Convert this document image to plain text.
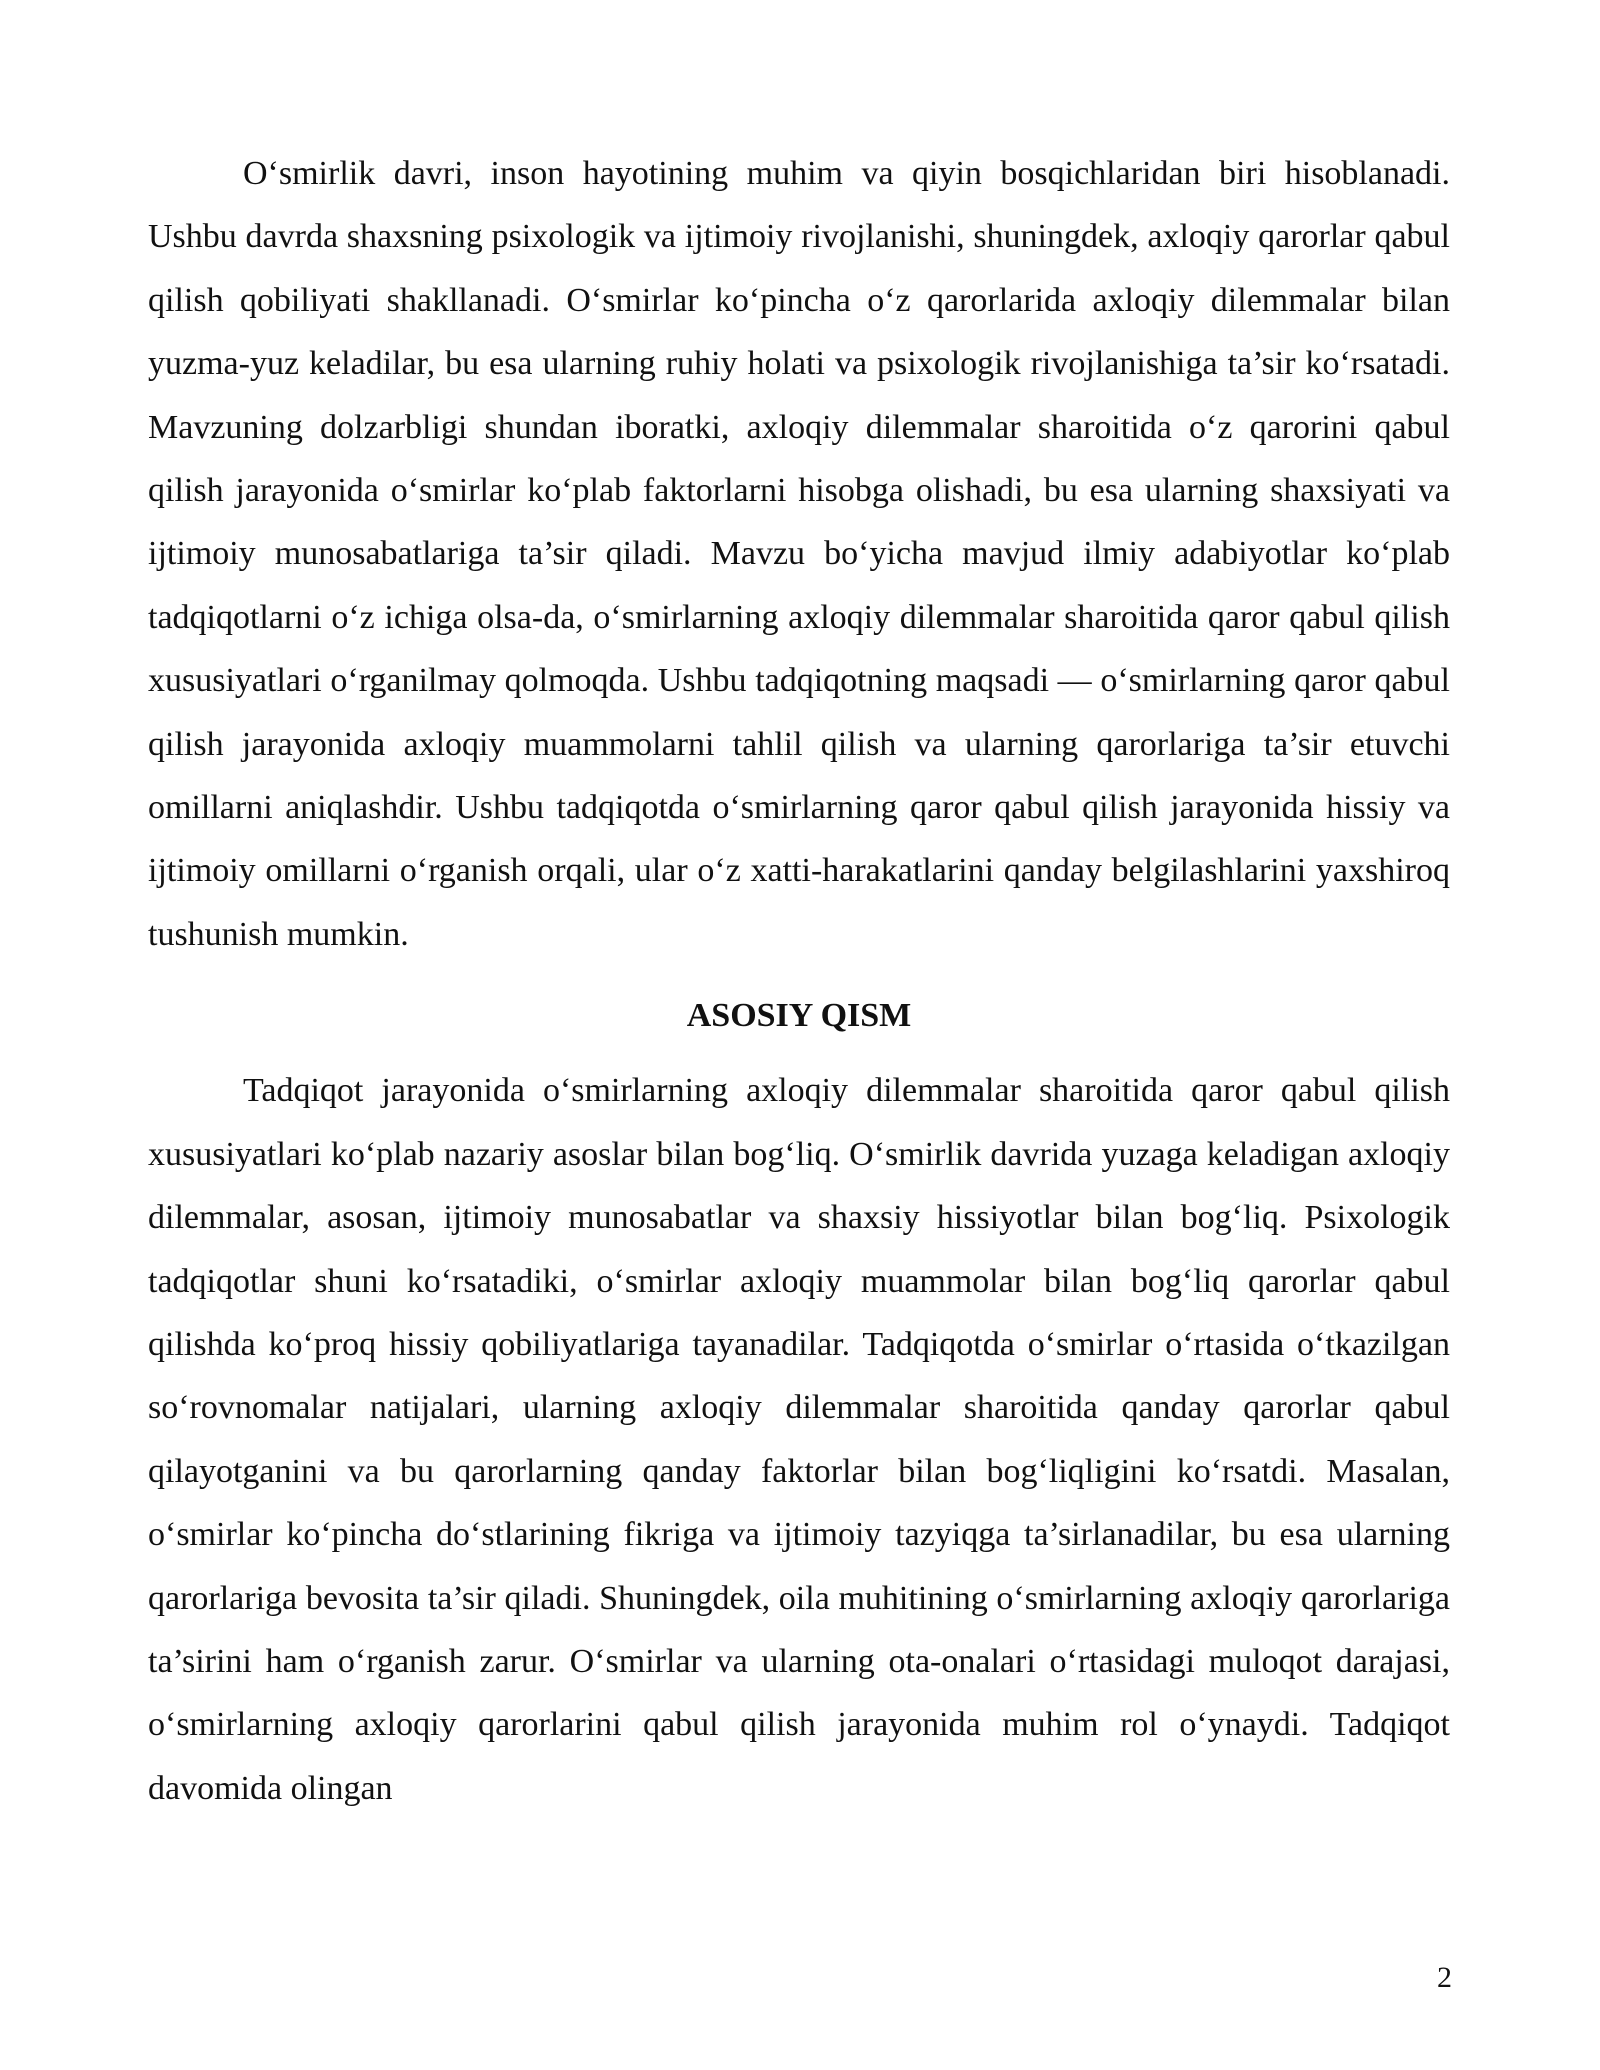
O‘smirlik davri, inson hayotining muhim va qiyin bosqichlaridan biri hisoblanadi. Ushbu davrda shaxsning psixologik va ijtimoiy rivojlanishi, shuningdek, axloqiy qarorlar qabul qilish qobiliyati shakllanadi. O‘smirlar ko‘pincha o‘z qarorlarida axloqiy dilemmalar bilan yuzma-yuz keladilar, bu esa ularning ruhiy holati va psixologik rivojlanishiga ta’sir ko‘rsatadi. Mavzuning dolzarbligi shundan iboratki, axloqiy dilemmalar sharoitida o‘z qarorini qabul qilish jarayonida o‘smirlar ko‘plab faktorlarni hisobga olishadi, bu esa ularning shaxsiyati va ijtimoiy munosabatlariga ta’sir qiladi. Mavzu bo‘yicha mavjud ilmiy adabiyotlar ko‘plab tadqiqotlarni o‘z ichiga olsa-da, o‘smirlarning axloqiy dilemmalar sharoitida qaror qabul qilish xususiyatlari o‘rganilmay qolmoqda. Ushbu tadqiqotning maqsadi — o‘smirlarning qaror qabul qilish jarayonida axloqiy muammolarni tahlil qilish va ularning qarorlariga ta’sir etuvchi omillarni aniqlashdir. Ushbu tadqiqotda o‘smirlarning qaror qabul qilish jarayonida hissiy va ijtimoiy omillarni o‘rganish orqali, ular o‘z xatti-harakatlarini qanday belgilashlarini yaxshiroq tushunish mumkin.

ASOSIY QISM

Tadqiqot jarayonida o‘smirlarning axloqiy dilemmalar sharoitida qaror qabul qilish xususiyatlari ko‘plab nazariy asoslar bilan bog‘liq. O‘smirlik davrida yuzaga keladigan axloqiy dilemmalar, asosan, ijtimoiy munosabatlar va shaxsiy hissiyotlar bilan bog‘liq. Psixologik tadqiqotlar shuni ko‘rsatadiki, o‘smirlar axloqiy muammolar bilan bog‘liq qarorlar qabul qilishda ko‘proq hissiy qobiliyatlariga tayanadilar. Tadqiqotda o‘smirlar o‘rtasida o‘tkazilgan so‘rovnomalar natijalari, ularning axloqiy dilemmalar sharoitida qanday qarorlar qabul qilayotganini va bu qarorlarning qanday faktorlar bilan bog‘liqligini ko‘rsatdi. Masalan, o‘smirlar ko‘pincha do‘stlarining fikriga va ijtimoiy tazyiqga ta’sirlanadilar, bu esa ularning qarorlariga bevosita ta’sir qiladi. Shuningdek, oila muhitining o‘smirlarning axloqiy qarorlariga ta’sirini ham o‘rganish zarur. O‘smirlar va ularning ota-onalari o‘rtasidagi muloqot darajasi, o‘smirlarning axloqiy qarorlarini qabul qilish jarayonida muhim rol o‘ynaydi. Tadqiqot davomida olingan

2
